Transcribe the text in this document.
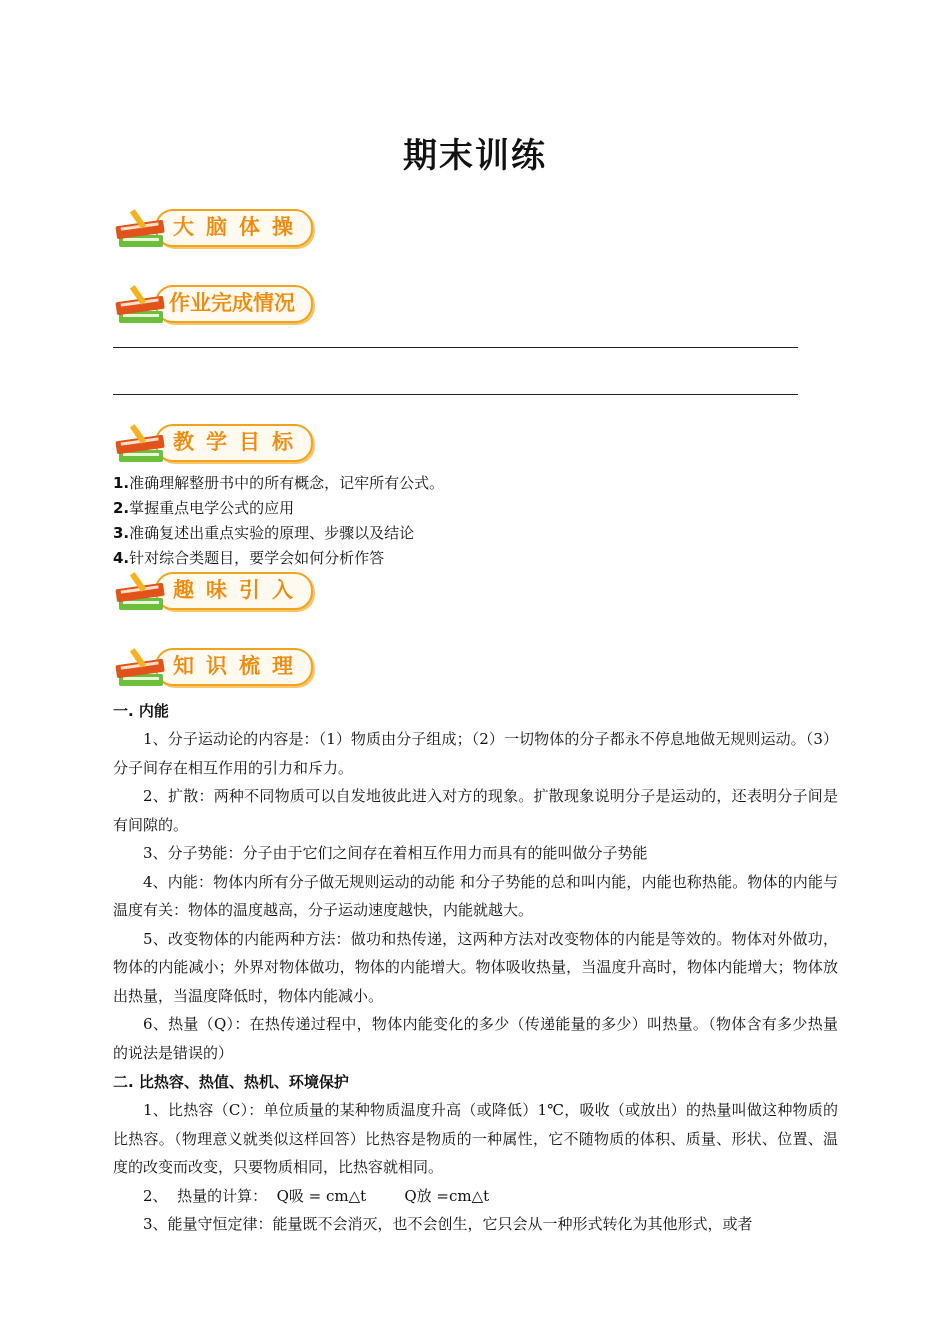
期末训练
大脑体操
作业完成情况
教学目标
1.准确理解整册书中的所有概念，记牢所有公式。
2.掌握重点电学公式的应用
3.准确复述出重点实验的原理、步骤以及结论
4.针对综合类题目，要学会如何分析作答
趣味引入
知识梳理
一. 内能

1、分子运动论的内容是：（1）物质由分子组成；（2）一切物体的分子都永不停息地做无规则运动。（3）分子间存在相互作用的引力和斥力。

2、扩散：两种不同物质可以自发地彼此进入对方的现象。扩散现象说明分子是运动的，还表明分子间是有间隙的。

3、分子势能：分子由于它们之间存在着相互作用力而具有的能叫做分子势能

4、内能：物体内所有分子做无规则运动的动能 和分子势能的总和叫内能，内能也称热能。物体的内能与温度有关：物体的温度越高，分子运动速度越快，内能就越大。

5、改变物体的内能两种方法：做功和热传递，这两种方法对改变物体的内能是等效的。物体对外做功，物体的内能减小；外界对物体做功，物体的内能增大。物体吸收热量，当温度升高时，物体内能增大；物体放出热量，当温度降低时，物体内能减小。

6、热量（Q）：在热传递过程中，物体内能变化的多少（传递能量的多少）叫热量。（物体含有多少热量的说法是错误的）

二. 比热容、热值、热机、环境保护

1、比热容（C）：单位质量的某种物质温度升高（或降低）1℃，吸收（或放出）的热量叫做这种物质的比热容。（物理意义就类似这样回答）比热容是物质的一种属性，它不随物质的体积、质量、形状、位置、温度的改变而改变，只要物质相同，比热容就相同。

2、  热量的计算：  Q吸 = cm△t        Q放 =cm△t

3、能量守恒定律：能量既不会消灭，也不会创生，它只会从一种形式转化为其他形式，或者
